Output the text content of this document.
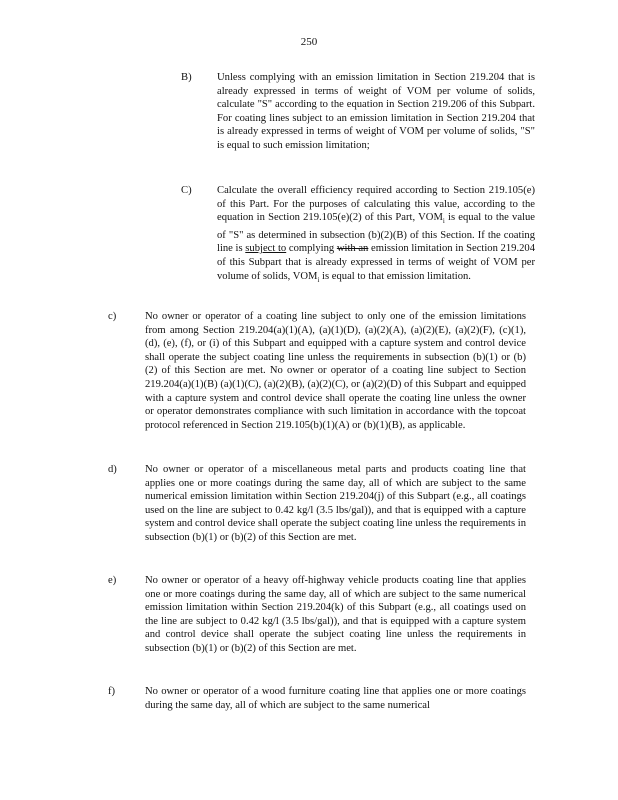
250
B) Unless complying with an emission limitation in Section 219.204 that is already expressed in terms of weight of VOM per volume of solids, calculate "S" according to the equation in Section 219.206 of this Subpart. For coating lines subject to an emission limitation in Section 219.204 that is already expressed in terms of weight of VOM per volume of solids, "S" is equal to such emission limitation;
C) Calculate the overall efficiency required according to Section 219.105(e) of this Part. For the purposes of calculating this value, according to the equation in Section 219.105(e)(2) of this Part, $VOM_i$ is equal to the value of "S" as determined in subsection (b)(2)(B) of this Section. If the coating line is subject to complying with an emission limitation in Section 219.204 of this Subpart that is already expressed in terms of weight of VOM per volume of solids, $VOM_i$ is equal to that emission limitation.
c)	No owner or operator of a coating line subject to only one of the emission limitations from among Section 219.204(a)(1)(A), (a)(1)(D), (a)(2)(A), (a)(2)(E), (a)(2)(F), (c)(1), (d), (e), (f), or (i) of this Subpart and equipped with a capture system and control device shall operate the subject coating line unless the requirements in subsection (b)(1) or (b)(2) of this Section are met. No owner or operator of a coating line subject to Section 219.204(a)(1)(B) (a)(1)(C), (a)(2)(B), (a)(2)(C), or (a)(2)(D) of this Subpart and equipped with a capture system and control device shall operate the coating line unless the owner or operator demonstrates compliance with such limitation in accordance with the topcoat protocol referenced in Section 219.105(b)(1)(A) or (b)(1)(B), as applicable.
d)	No owner or operator of a miscellaneous metal parts and products coating line that applies one or more coatings during the same day, all of which are subject to the same numerical emission limitation within Section 219.204(j) of this Subpart (e.g., all coatings used on the line are subject to 0.42 kg/l (3.5 lbs/gal)), and that is equipped with a capture system and control device shall operate the subject coating line unless the requirements in subsection (b)(1) or (b)(2) of this Section are met.
e)	No owner or operator of a heavy off-highway vehicle products coating line that applies one or more coatings during the same day, all of which are subject to the same numerical emission limitation within Section 219.204(k) of this Subpart (e.g., all coatings used on the line are subject to 0.42 kg/l (3.5 lbs/gal)), and that is equipped with a capture system and control device shall operate the subject coating line unless the requirements in subsection (b)(1) or (b)(2) of this Section are met.
f)	No owner or operator of a wood furniture coating line that applies one or more coatings during the same day, all of which are subject to the same numerical
